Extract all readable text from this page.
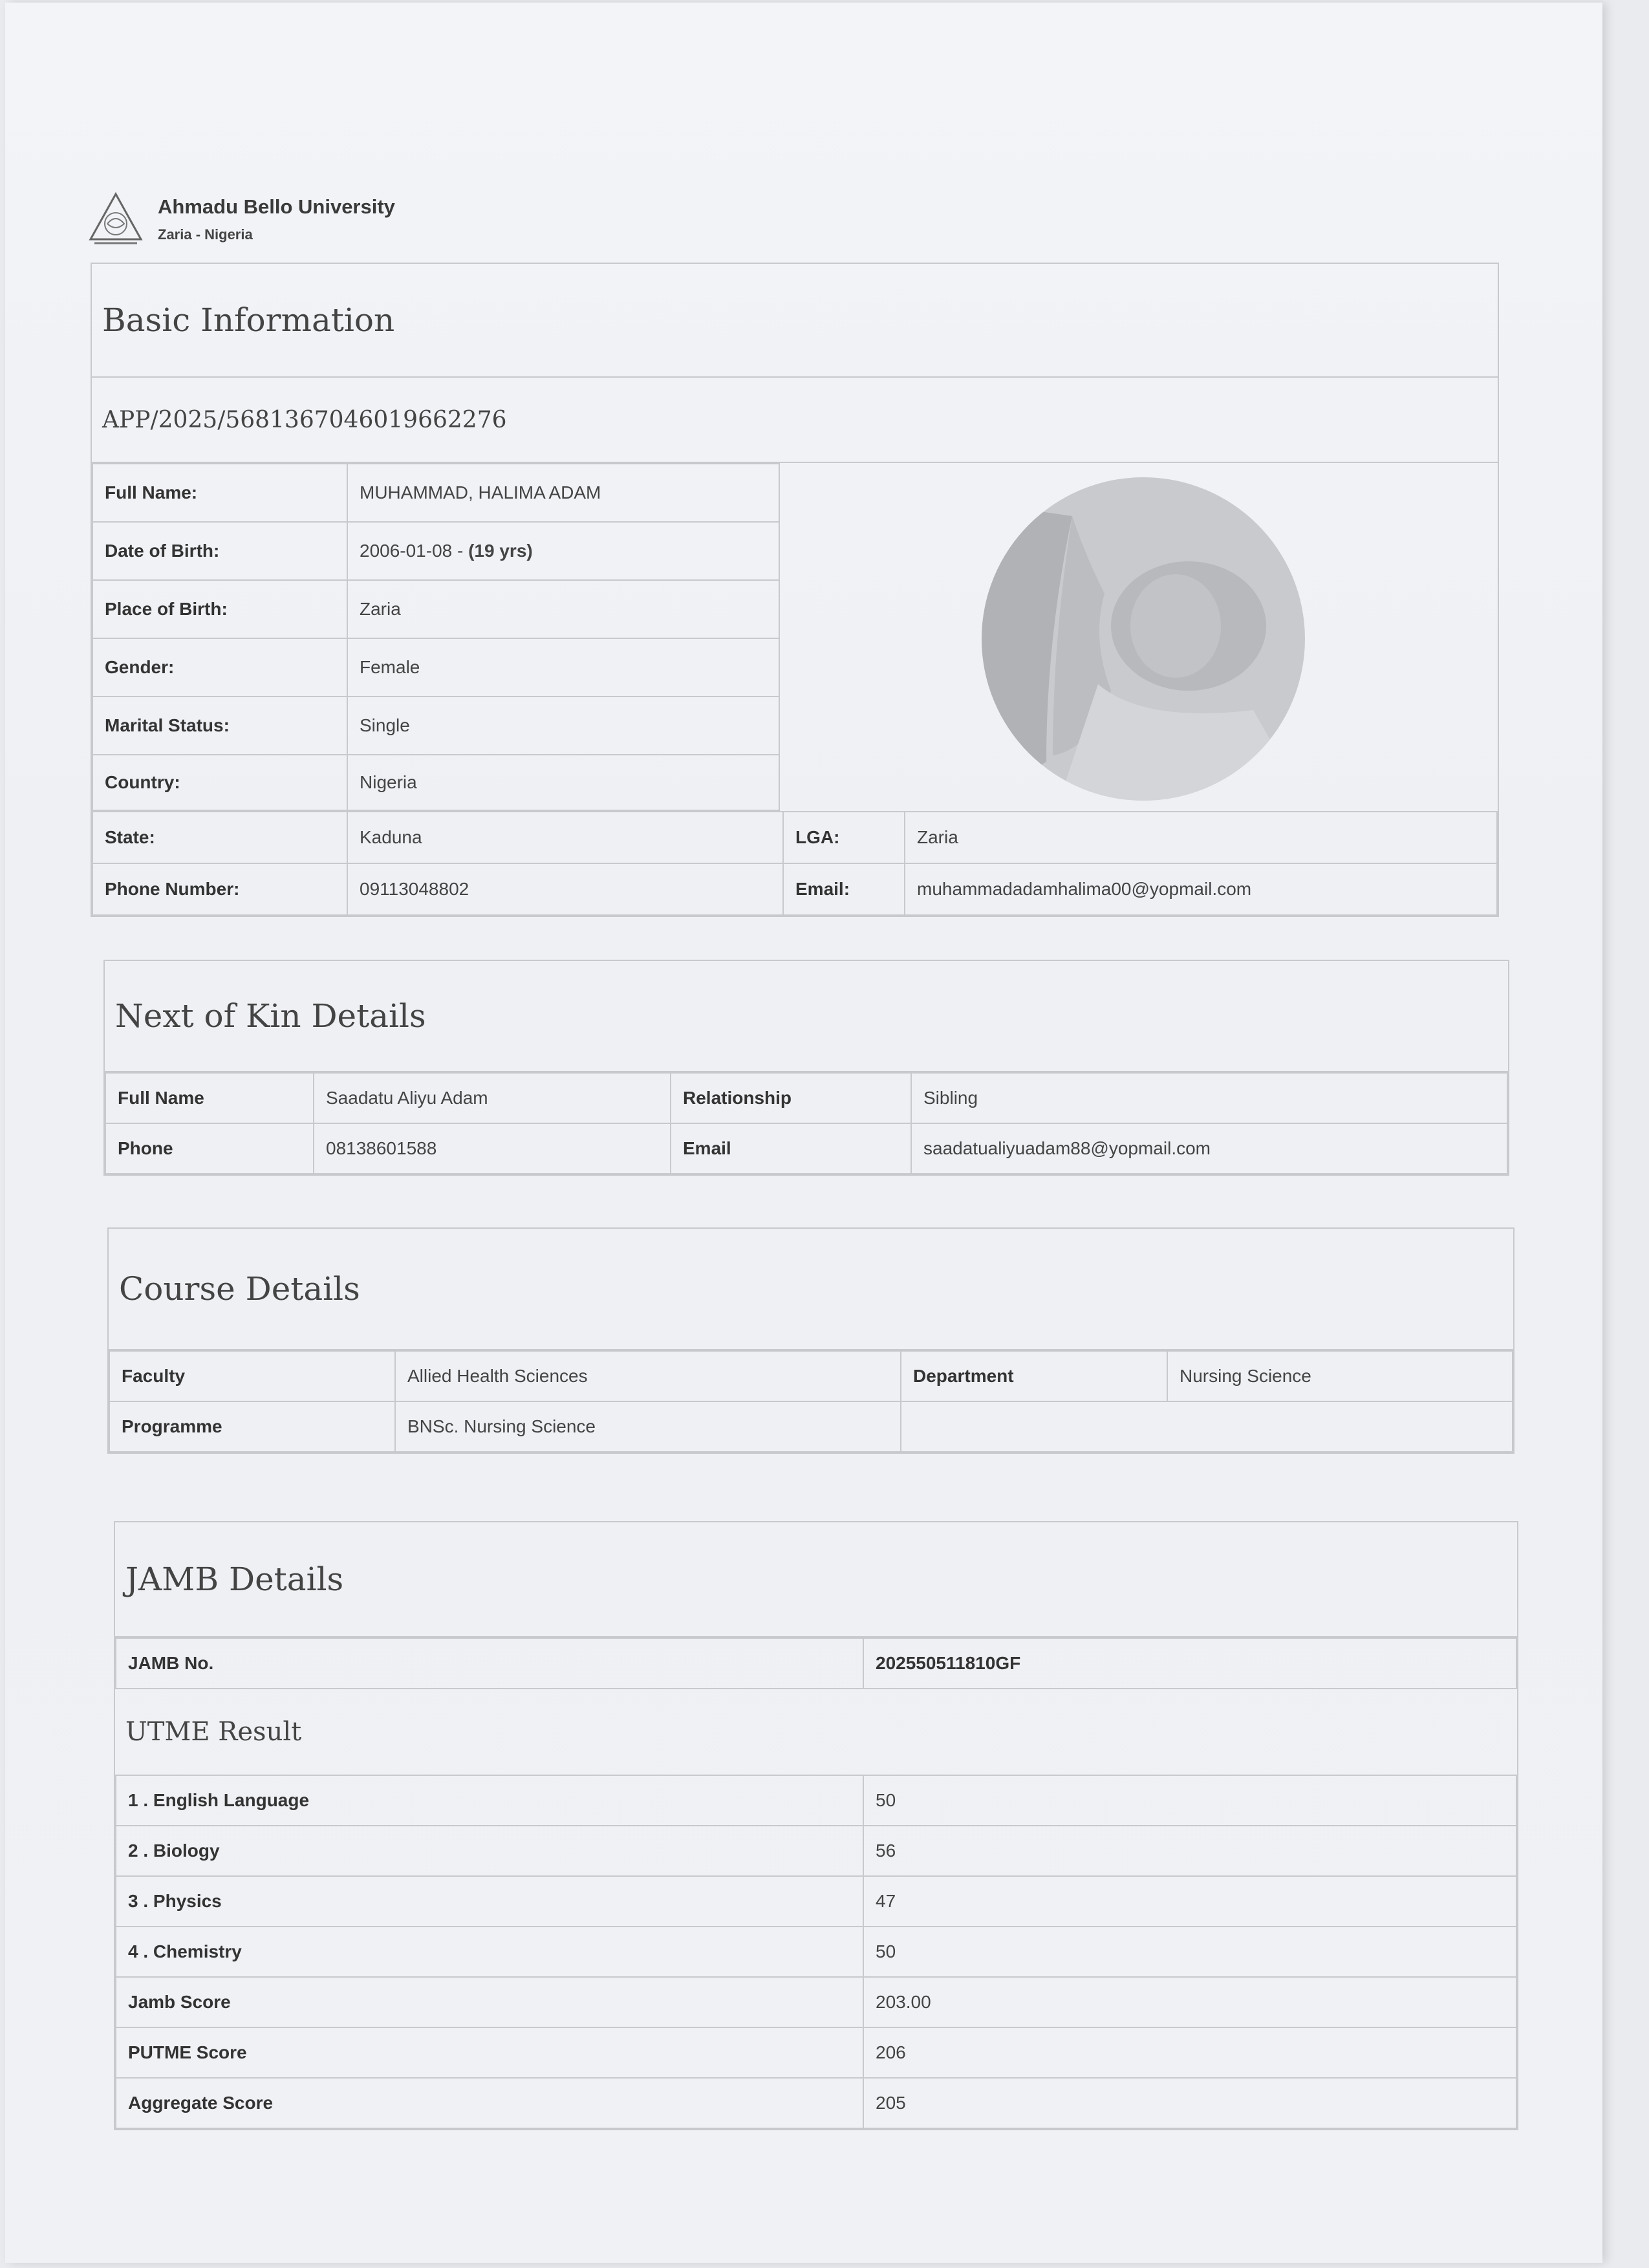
Ahmadu Bello University
Zaria - Nigeria
Basic Information
APP/2025/5681367046019662276
Full Name:	MUHAMMAD, HALIMA ADAM
Date of Birth:	2006-01-08 - (19 yrs)
Place of Birth:	Zaria
Gender:	Female
Marital Status:	Single
Country:	Nigeria
State:	Kaduna	LGA:	Zaria
Phone Number:	09113048802	Email:	muhammadadamhalima00@yopmail.com
Next of Kin Details
Full Name	Saadatu Aliyu Adam	Relationship	Sibling
Phone	08138601588	Email	saadatualiyuadam88@yopmail.com
Course Details
Faculty	Allied Health Sciences	Department	Nursing Science
Programme	BNSc. Nursing Science		
JAMB Details
JAMB No.	202550511810GF
UTME Result
1 . English Language	50
2 . Biology	56
3 . Physics	47
4 . Chemistry	50
Jamb Score	203.00
PUTME Score	206
Aggregate Score	205
